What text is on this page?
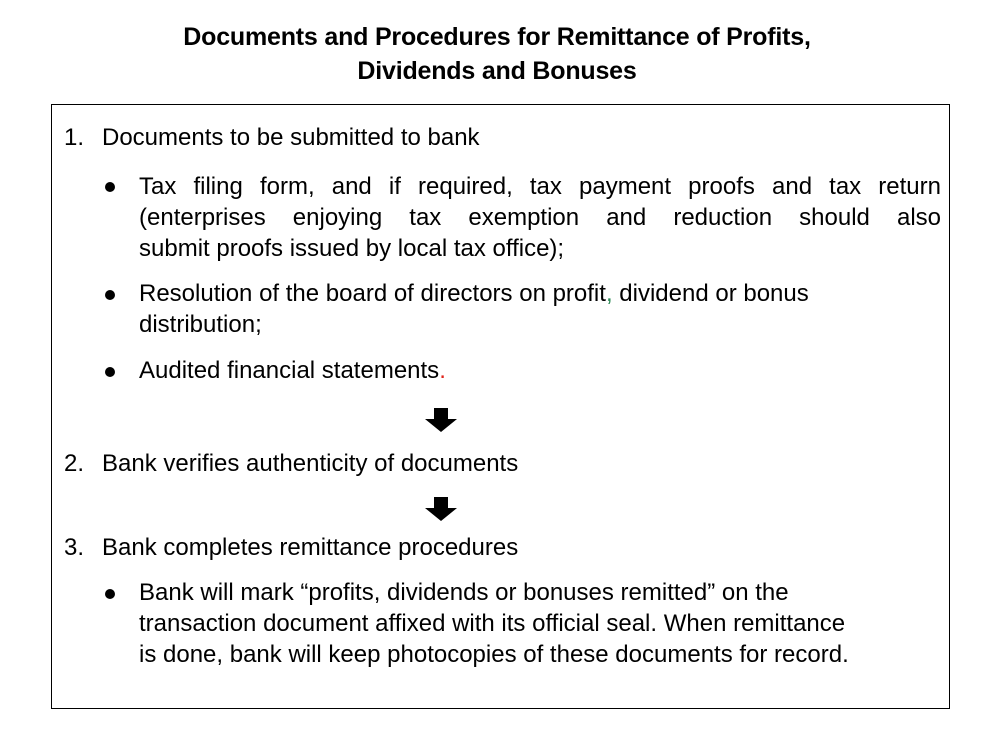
Documents and Procedures for Remittance of Profits,
Dividends and Bonuses
1. Documents to be submitted to bank
Tax filing form, and if required, tax payment proofs and tax return
(enterprises enjoying tax exemption and reduction should also
submit proofs issued by local tax office);
Resolution of the board of directors on profit, dividend or bonus
distribution;
Audited financial statements.
2. Bank verifies authenticity of documents
3. Bank completes remittance procedures
Bank will mark “profits, dividends or bonuses remitted” on the
transaction document affixed with its official seal. When remittance
is done, bank will keep photocopies of these documents for record.
